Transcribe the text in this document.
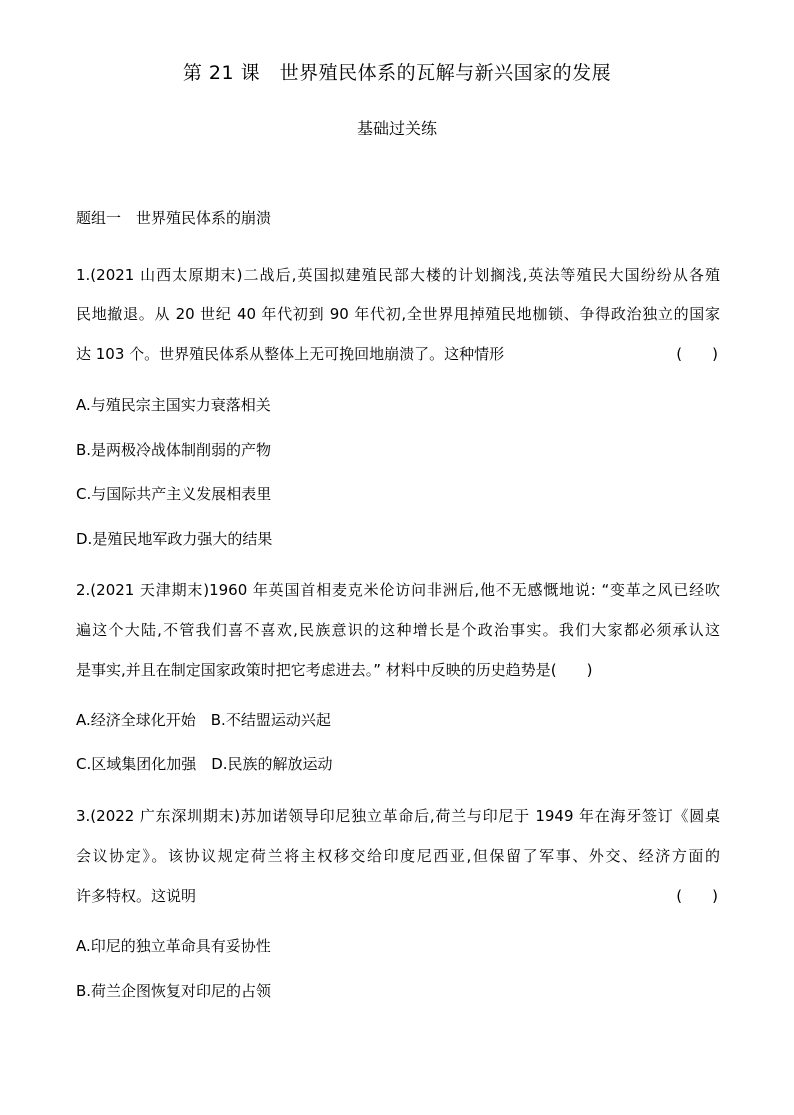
第 21 课　世界殖民体系的瓦解与新兴国家的发展
基础过关练
题组一　世界殖民体系的崩溃
1.(2021 山西太原期末)二战后,英国拟建殖民部大楼的计划搁浅,英法等殖民大国纷纷从各殖
民地撤退。从 20 世纪 40 年代初到 90 年代初,全世界甩掉殖民地枷锁、争得政治独立的国家
达 103 个。世界殖民体系从整体上无可挽回地崩溃了。这种情形	(　　)
A.与殖民宗主国实力衰落相关
B.是两极冷战体制削弱的产物
C.与国际共产主义发展相表里
D.是殖民地军政力强大的结果
2.(2021 天津期末)1960 年英国首相麦克米伦访问非洲后,他不无感慨地说: “变革之风已经吹
遍这个大陆,不管我们喜不喜欢,民族意识的这种增长是个政治事实。我们大家都必须承认这
是事实,并且在制定国家政策时把它考虑进去。” 材料中反映的历史趋势是(　　)
A.经济全球化开始　B.不结盟运动兴起
C.区域集团化加强　D.民族的解放运动
3.(2022 广东深圳期末)苏加诺领导印尼独立革命后,荷兰与印尼于 1949 年在海牙签订《圆桌
会议协定》。该协议规定荷兰将主权移交给印度尼西亚,但保留了军事、外交、经济方面的
许多特权。这说明	(　　)
A.印尼的独立革命具有妥协性
B.荷兰企图恢复对印尼的占领
